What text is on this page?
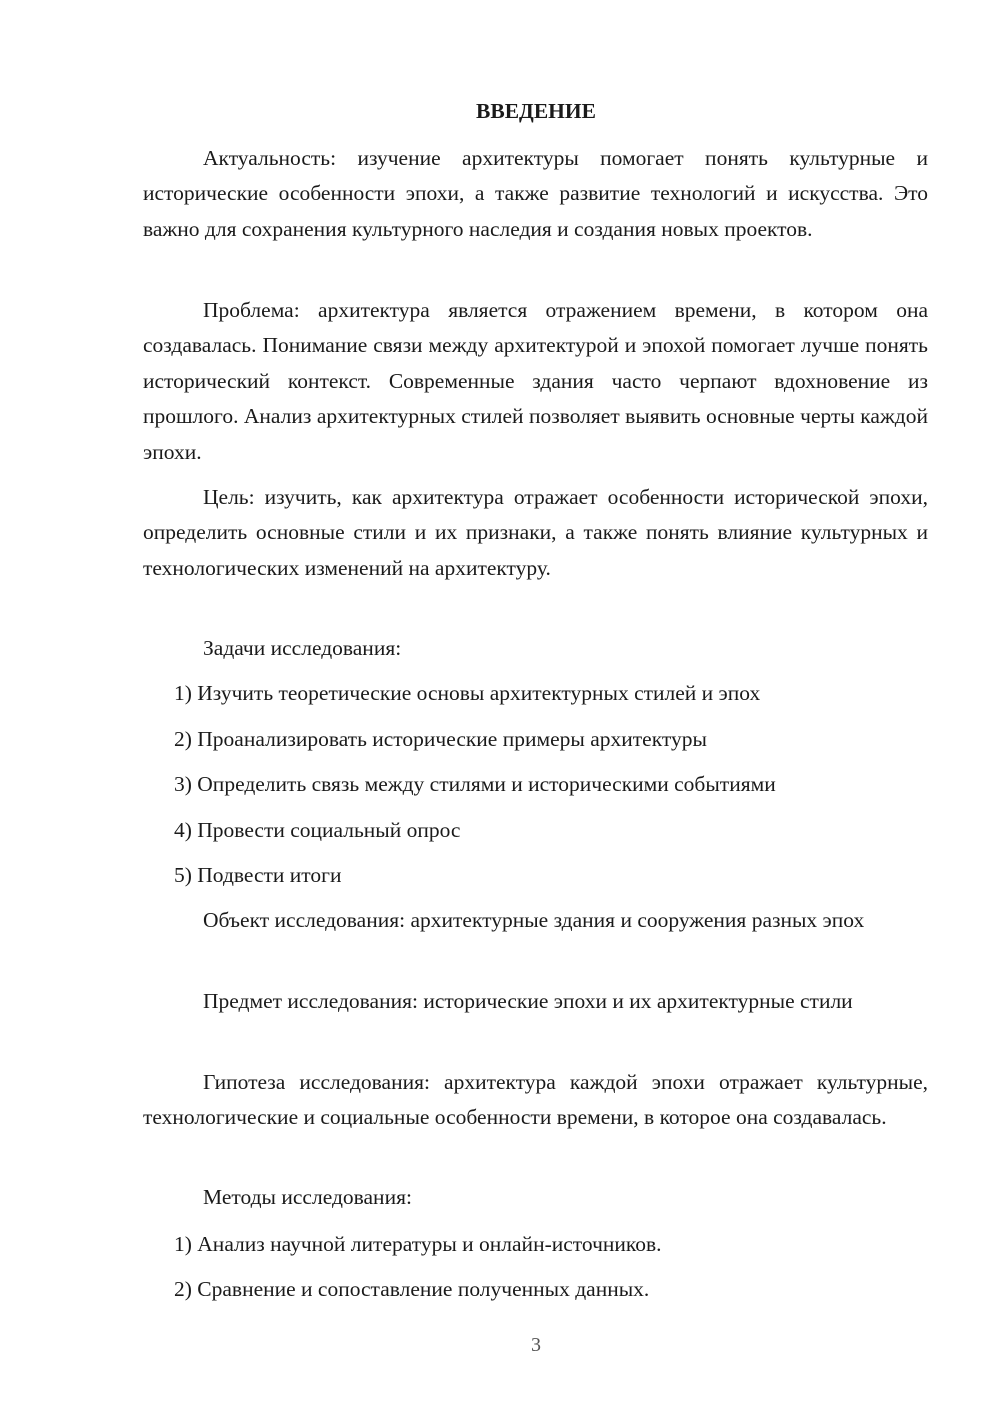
ВВЕДЕНИЕ

Актуальность: изучение архитектуры помогает понять культурные и исторические особенности эпохи, а также развитие технологий и искусства. Это важно для сохранения культурного наследия и создания новых проектов.

Проблема: архитектура является отражением времени, в котором она создавалась. Понимание связи между архитектурой и эпохой помогает лучше понять исторический контекст. Современные здания часто черпают вдохновение из прошлого. Анализ архитектурных стилей позволяет выявить основные черты каждой эпохи.

Цель: изучить, как архитектура отражает особенности исторической эпохи, определить основные стили и их признаки, а также понять влияние культурных и технологических изменений на архитектуру.

Задачи исследования:

1) Изучить теоретические основы архитектурных стилей и эпох

2) Проанализировать исторические примеры архитектуры

3) Определить связь между стилями и историческими событиями

4) Провести социальный опрос

5) Подвести итоги

Объект исследования: архитектурные здания и сооружения разных эпох

Предмет исследования: исторические эпохи и их архитектурные стили

Гипотеза исследования: архитектура каждой эпохи отражает культурные, технологические и социальные особенности времени, в которое она создавалась.

Методы исследования:

1) Анализ научной литературы и онлайн-источников.

2) Сравнение и сопоставление полученных данных.

3
